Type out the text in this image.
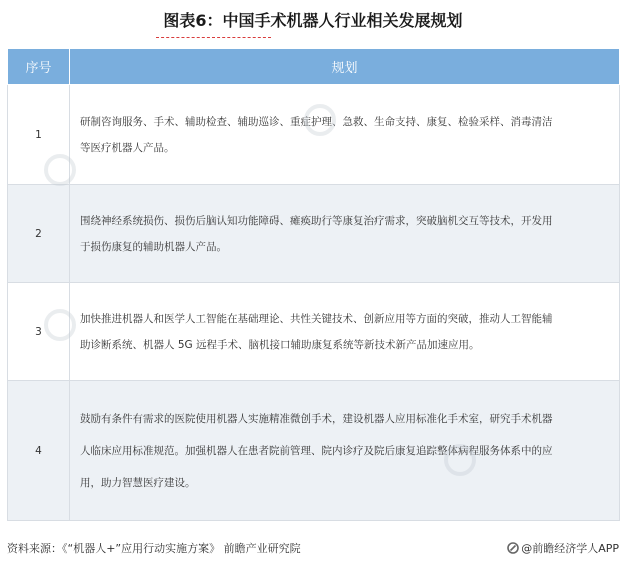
图表6：中国手术机器人行业相关发展规划
序号	规划
1	研制咨询服务、手术、辅助检查、辅助巡诊、重症护理、急救、生命支持、康复、检验采样、消毒清洁
等医疗机器人产品。

2	围绕神经系统损伤、损伤后脑认知功能障碍、瘫痪助行等康复治疗需求，突破脑机交互等技术，开发用
于损伤康复的辅助机器人产品。

3	加快推进机器人和医学人工智能在基础理论、共性关键技术、创新应用等方面的突破，推动人工智能辅
助诊断系统、机器人 5G 远程手术、脑机接口辅助康复系统等新技术新产品加速应用。

4	鼓励有条件有需求的医院使用机器人实施精准微创手术，建设机器人应用标准化手术室，研究手术机器
人临床应用标准规范。加强机器人在患者院前管理、院内诊疗及院后康复追踪整体病程服务体系中的应
用，助力智慧医疗建设。
资料来源：《“机器人+”应用行动实施方案》 前瞻产业研究院	@前瞻经济学人APP
